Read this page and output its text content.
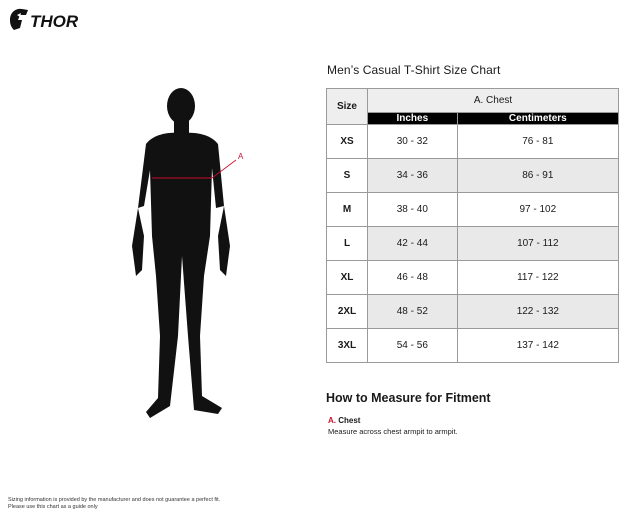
THOR
A
Men’s Casual T-Shirt Size Chart
Size	A. Chest	
	Inches	Centimeters
XS	30 - 32	76 - 81
S	34 - 36	86 - 91
M	38 - 40	97 - 102
L	42 - 44	107 - 112
XL	46 - 48	117 - 122
2XL	48 - 52	122 - 132
3XL	54 - 56	137 - 142
How to Measure for Fitment
A. Chest
Measure across chest armpit to armpit.
Sizing information is provided by the manufacturer and does not guarantee a perfect fit.
Please use this chart as a guide only
